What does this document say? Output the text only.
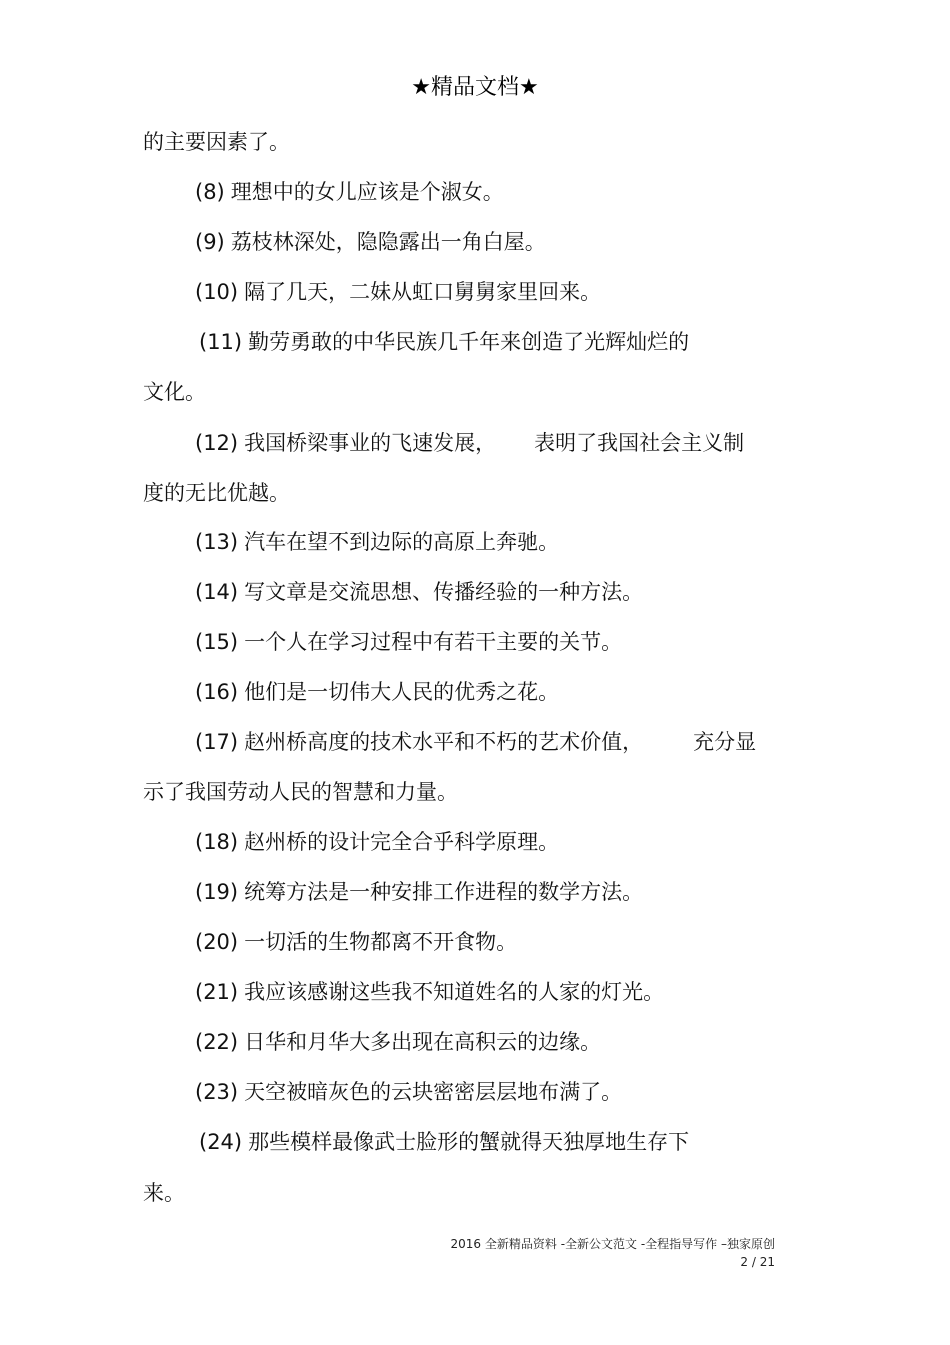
★精品文档★
的主要因素了。
(8) 理想中的女儿应该是个淑女。
(9) 荔枝林深处，隐隐露出一角白屋。
(10) 隔了几天，二妹从虹口舅舅家里回来。
(11) 勤劳勇敢的中华民族几千年来创造了光辉灿烂的
文化。
(12) 我国桥梁事业的飞速发展， 表明了我国社会主义制
度的无比优越。
(13) 汽车在望不到边际的高原上奔驰。
(14) 写文章是交流思想、传播经验的一种方法。
(15) 一个人在学习过程中有若干主要的关节。
(16) 他们是一切伟大人民的优秀之花。
(17) 赵州桥高度的技术水平和不朽的艺术价值， 充分显
示了我国劳动人民的智慧和力量。
(18) 赵州桥的设计完全合乎科学原理。
(19) 统筹方法是一种安排工作进程的数学方法。
(20) 一切活的生物都离不开食物。
(21) 我应该感谢这些我不知道姓名的人家的灯光。
(22) 日华和月华大多出现在高积云的边缘。
(23) 天空被暗灰色的云块密密层层地布满了。
(24) 那些模样最像武士脸形的蟹就得天独厚地生存下
来。
2016 全新精品资料 -全新公文范文 -全程指导写作 –独家原创
2 / 21
